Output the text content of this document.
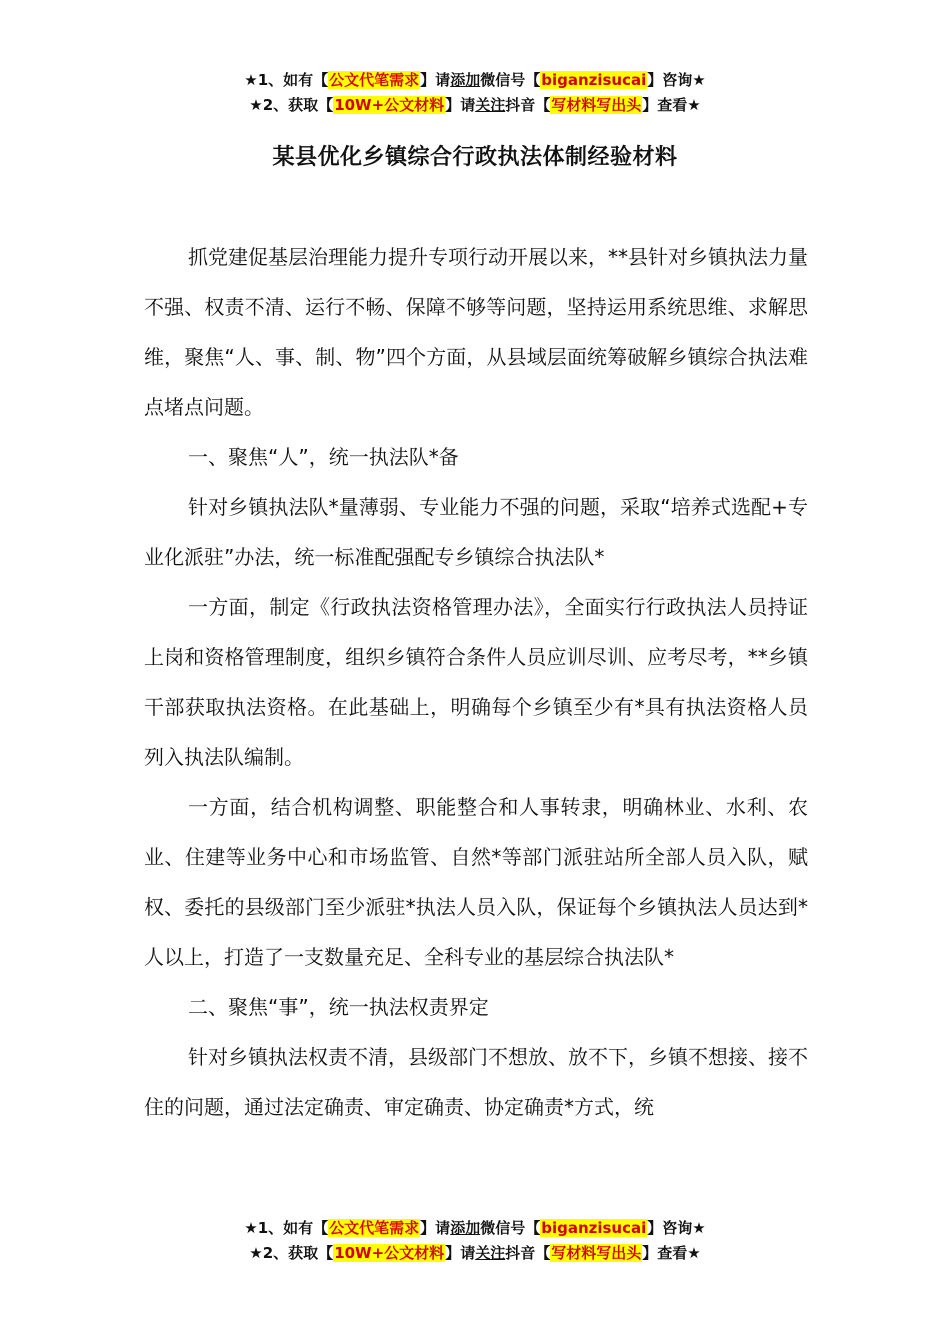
★1、如有【公文代笔需求】请添加微信号【biganzisucai】咨询★
★2、获取【10W+公文材料】请关注抖音【写材料写出头】查看★
某县优化乡镇综合行政执法体制经验材料

抓党建促基层治理能力提升专项行动开展以来，**县针对乡镇执法力量不强、权责不清、运行不畅、保障不够等问题，坚持运用系统思维、求解思维，聚焦“人、事、制、物”四个方面，从县域层面统筹破解乡镇综合执法难点堵点问题。

一、聚焦“人”，统一执法队*备

针对乡镇执法队*量薄弱、专业能力不强的问题，采取“培养式选配+专业化派驻”办法，统一标准配强配专乡镇综合执法队*

一方面，制定《行政执法资格管理办法》，全面实行行政执法人员持证上岗和资格管理制度，组织乡镇符合条件人员应训尽训、应考尽考，**乡镇干部获取执法资格。在此基础上，明确每个乡镇至少有*具有执法资格人员列入执法队编制。

一方面，结合机构调整、职能整合和人事转隶，明确林业、水利、农业、住建等业务中心和市场监管、自然*等部门派驻站所全部人员入队，赋权、委托的县级部门至少派驻*执法人员入队，保证每个乡镇执法人员达到*人以上，打造了一支数量充足、全科专业的基层综合执法队*

二、聚焦“事”，统一执法权责界定

针对乡镇执法权责不清，县级部门不想放、放不下，乡镇不想接、接不住的问题，通过法定确责、审定确责、协定确责*方式，统

★1、如有【公文代笔需求】请添加微信号【biganzisucai】咨询★
★2、获取【10W+公文材料】请关注抖音【写材料写出头】查看★
